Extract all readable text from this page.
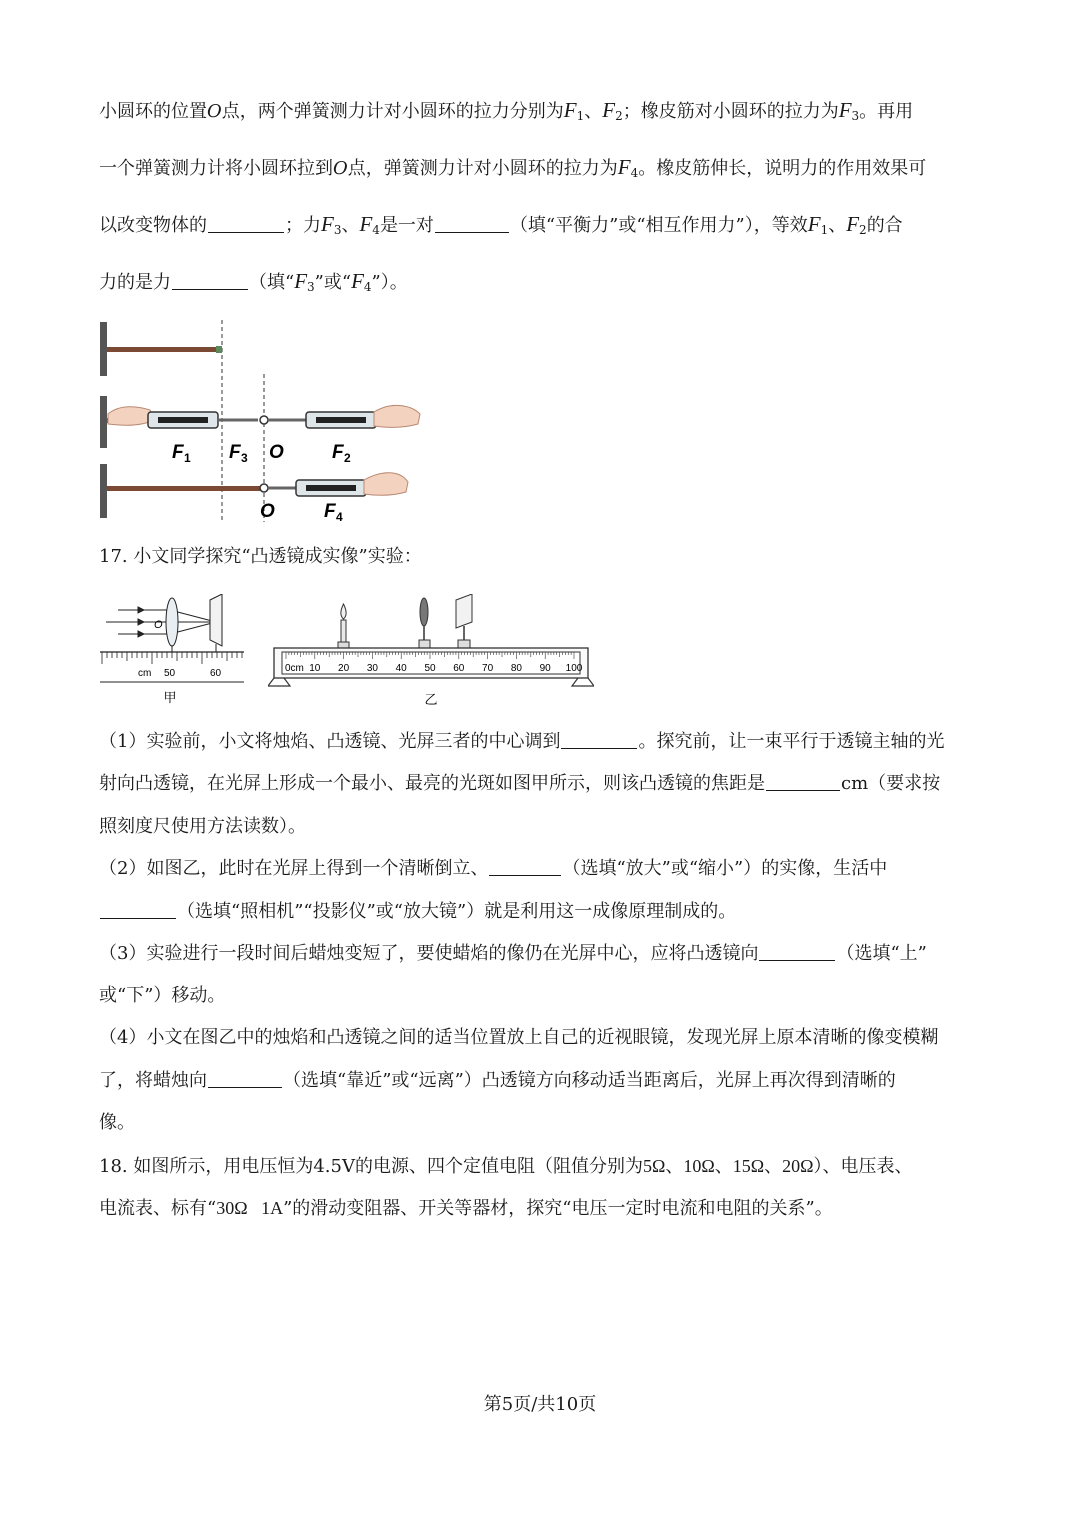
小圆环的位置O点，两个弹簧测力计对小圆环的拉力分别为$F_1$、$F_2$；橡皮筋对小圆环的拉力为$F_3$。再用
一个弹簧测力计将小圆环拉到O点，弹簧测力计对小圆环的拉力为$F_4$。橡皮筋伸长，说明力的作用效果可
以改变物体的	；力$F_3$、$F_4$是一对	（填“平衡力”或“相互作用力”），等效$F_1$、$F_2$的合
力的是力	（填“$F_3$”或“$F_4$”）。
F 1 F 3 O	F 2
O	F 4
17. 小文同学探究“凸透镜成实像”实验：
O
cm 50	60
甲
0cm 10 20 30 40 50 60 70 80 90 100
乙
（1）实验前，小文将烛焰、凸透镜、光屏三者的中心调到	。探究前，让一束平行于透镜主轴的光
射向凸透镜，在光屏上形成一个最小、最亮的光斑如图甲所示，则该凸透镜的焦距是	cm（要求按
照刻度尺使用方法读数）。
（2）如图乙，此时在光屏上得到一个清晰倒立、	（选填“放大”或“缩小”）的实像，生活中
（选填“照相机”“投影仪”或“放大镜”）就是利用这一成像原理制成的。
（3）实验进行一段时间后蜡烛变短了，要使蜡焰的像仍在光屏中心，应将凸透镜向	（选填“上”
或“下”）移动。
（4）小文在图乙中的烛焰和凸透镜之间的适当位置放上自己的近视眼镜，发现光屏上原本清晰的像变模糊
了，将蜡烛向	（选填“靠近”或“远离”）凸透镜方向移动适当距离后，光屏上再次得到清晰的
像。
18. 如图所示，用电压恒为4.5V的电源、四个定值电阻（阻值分别为5Ω、10Ω、15Ω、20Ω）、电压表、
电流表、标有“30Ω   1A”的滑动变阻器、开关等器材，探究“电压一定时电流和电阻的关系”。
第5页/共10页
